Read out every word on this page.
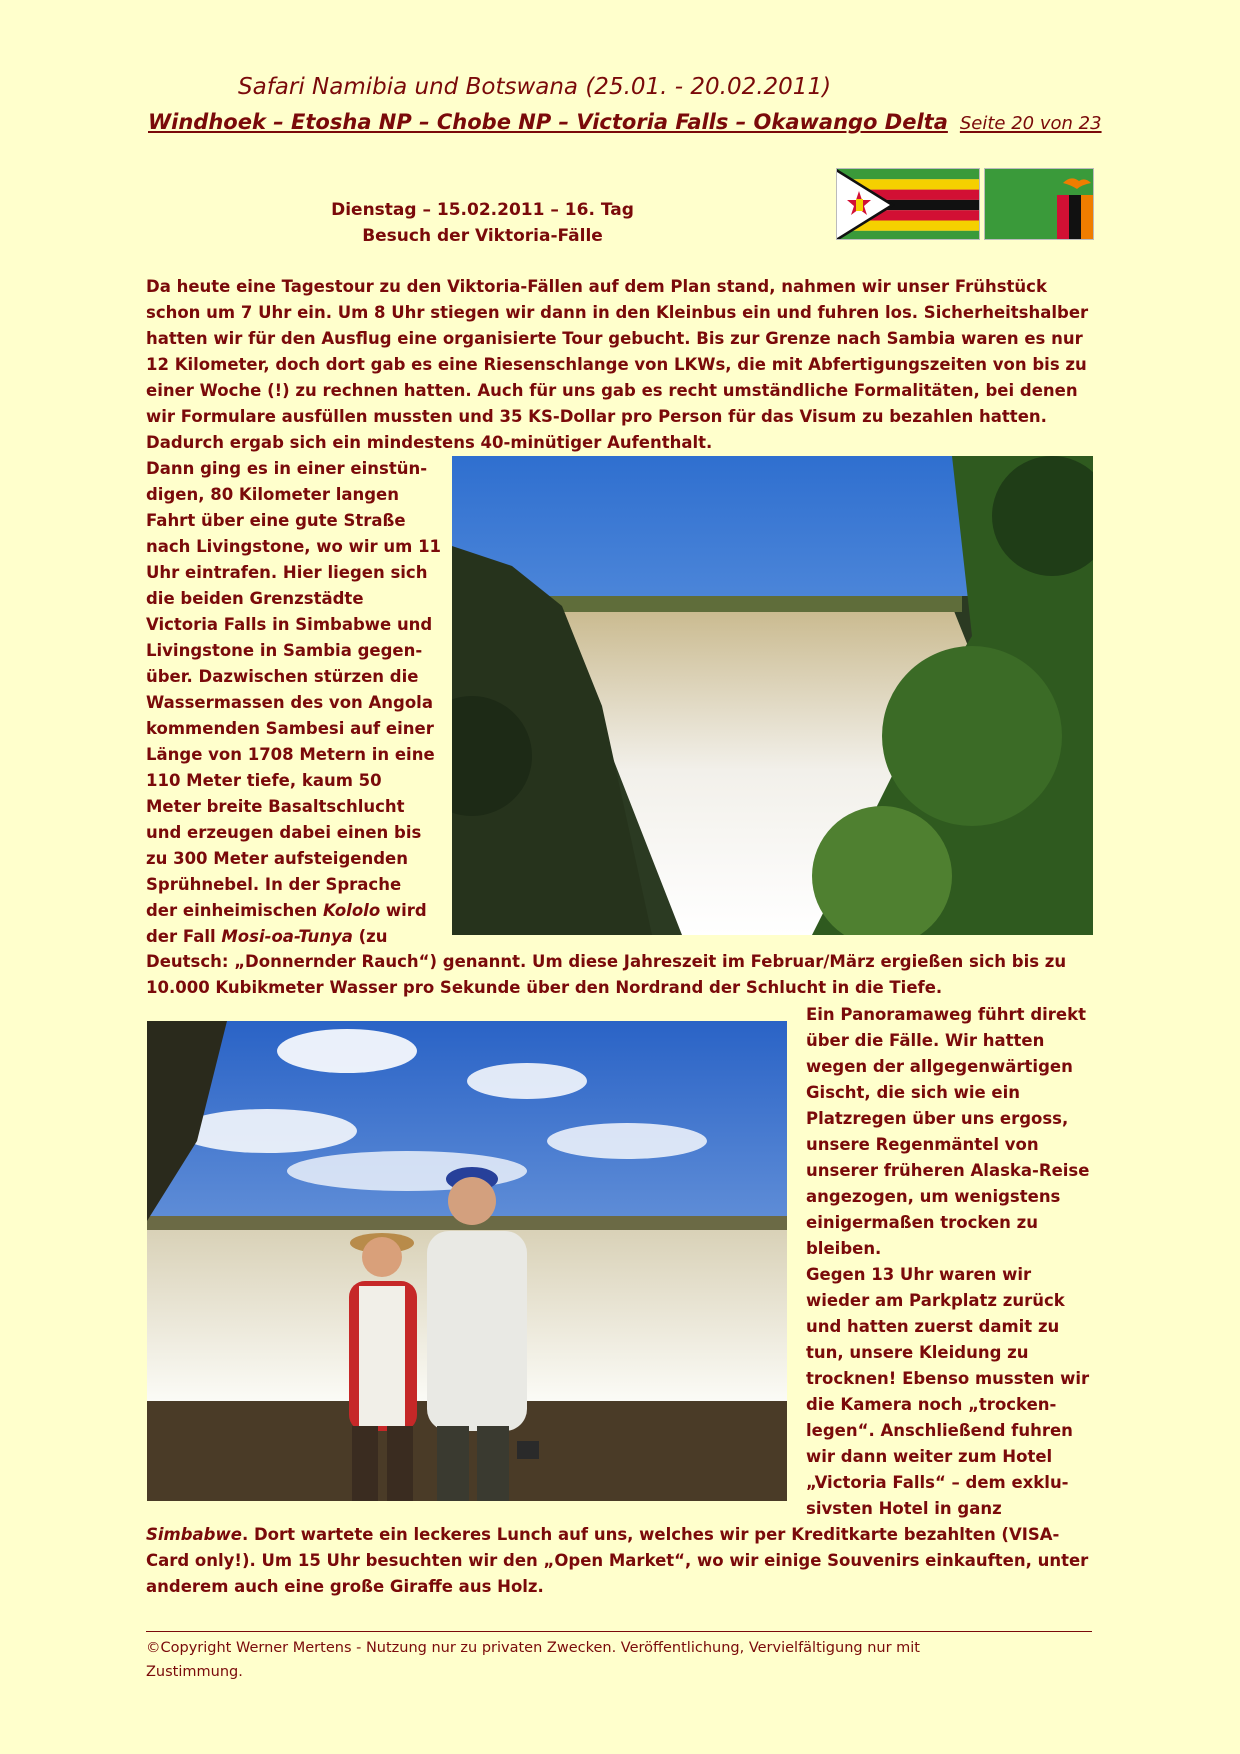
Safari Namibia und Botswana (25.01. - 20.02.2011)
Windhoek – Etosha NP – Chobe NP – Victoria Falls – Okawango Delta Seite 20 von 23
Dienstag – 15.02.2011 – 16. Tag
Besuch der Viktoria-Fälle

Da heute eine Tagestour zu den Viktoria-Fällen auf dem Plan stand, nahmen wir unser Frühstück

schon um 7 Uhr ein. Um 8 Uhr stiegen wir dann in den Kleinbus ein und fuhren los. Sicherheitshalber

hatten wir für den Ausflug eine organisierte Tour gebucht. Bis zur Grenze nach Sambia waren es nur

12 Kilometer, doch dort gab es eine Riesenschlange von LKWs, die mit Abfertigungszeiten von bis zu

einer Woche (!) zu rechnen hatten. Auch für uns gab es recht umständliche Formalitäten, bei denen

wir Formulare ausfüllen mussten und 35 KS-Dollar pro Person für das Visum zu bezahlen hatten.

Dadurch ergab sich ein mindestens 40-minütiger Aufenthalt.

Dann ging es in einer einstün-

digen, 80 Kilometer langen

Fahrt über eine gute Straße

nach Livingstone, wo wir um 11

Uhr eintrafen. Hier liegen sich

die beiden Grenzstädte

Victoria Falls in Simbabwe und

Livingstone in Sambia gegen-

über. Dazwischen stürzen die

Wassermassen des von Angola

kommenden Sambesi auf einer

Länge von 1708 Metern in eine

110 Meter tiefe, kaum 50

Meter breite Basaltschlucht

und erzeugen dabei einen bis

zu 300 Meter aufsteigenden

Sprühnebel. In der Sprache

der einheimischen Kololo wird

der Fall Mosi-oa-Tunya (zu

Deutsch: „Donnernder Rauch“) genannt. Um diese Jahreszeit im Februar/März ergießen sich bis zu

10.000 Kubikmeter Wasser pro Sekunde über den Nordrand der Schlucht in die Tiefe.

Ein Panoramaweg führt direkt

über die Fälle. Wir hatten

wegen der allgegenwärtigen

Gischt, die sich wie ein

Platzregen über uns ergoss,

unsere Regenmäntel von

unserer früheren Alaska-Reise

angezogen, um wenigstens

einigermaßen trocken zu

bleiben.

Gegen 13 Uhr waren wir

wieder am Parkplatz zurück

und hatten zuerst damit zu

tun, unsere Kleidung zu

trocknen! Ebenso mussten wir

die Kamera noch „trocken-

legen“. Anschließend fuhren

wir dann weiter zum Hotel

„Victoria Falls“ – dem exklu-

sivsten Hotel in ganz

Simbabwe. Dort wartete ein leckeres Lunch auf uns, welches wir per Kreditkarte bezahlten (VISA-

Card only!). Um 15 Uhr besuchten wir den „Open Market“, wo wir einige Souvenirs einkauften, unter

anderem auch eine große Giraffe aus Holz.

©Copyright Werner Mertens - Nutzung nur zu privaten Zwecken. Veröffentlichung, Vervielfältigung nur mit
Zustimmung.
